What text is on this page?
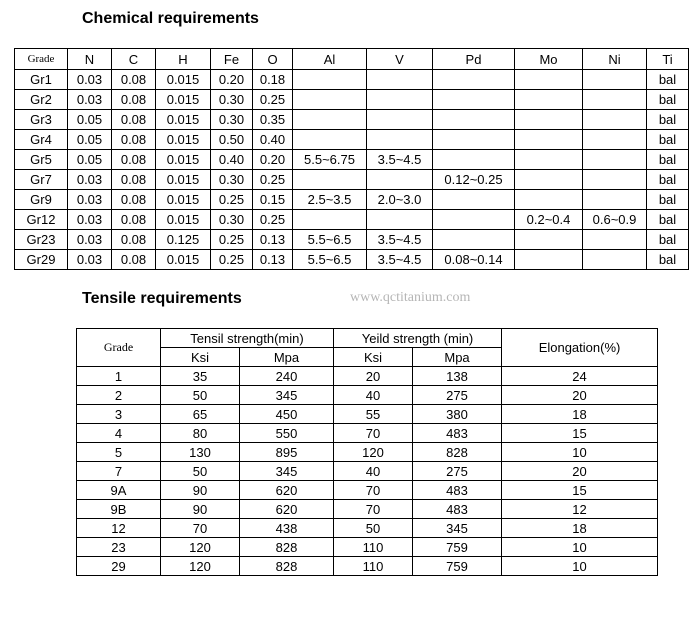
Chemical requirements
Grade	N	C	H	Fe	O	Al	V	Pd	Mo	Ni	Ti
Gr1	0.03	0.08	0.015	0.20	0.18						bal
Gr2	0.03	0.08	0.015	0.30	0.25						bal
Gr3	0.05	0.08	0.015	0.30	0.35						bal
Gr4	0.05	0.08	0.015	0.50	0.40						bal
Gr5	0.05	0.08	0.015	0.40	0.20	5.5~6.75	3.5~4.5				bal
Gr7	0.03	0.08	0.015	0.30	0.25			0.12~0.25			bal
Gr9	0.03	0.08	0.015	0.25	0.15	2.5~3.5	2.0~3.0				bal
Gr12	0.03	0.08	0.015	0.30	0.25				0.2~0.4	0.6~0.9	bal
Gr23	0.03	0.08	0.125	0.25	0.13	5.5~6.5	3.5~4.5				bal
Gr29	0.03	0.08	0.015	0.25	0.13	5.5~6.5	3.5~4.5	0.08~0.14			bal
www.qctitanium.com
Tensile requirements
Grade	Tensil strength(min)		Yeild strength (min)		Elongation(%)
	Ksi	Mpa	Ksi	Mpa	
1	35	240	20	138	24
2	50	345	40	275	20
3	65	450	55	380	18
4	80	550	70	483	15
5	130	895	120	828	10
7	50	345	40	275	20
9A	90	620	70	483	15
9B	90	620	70	483	12
12	70	438	50	345	18
23	120	828	110	759	10
29	120	828	110	759	10
